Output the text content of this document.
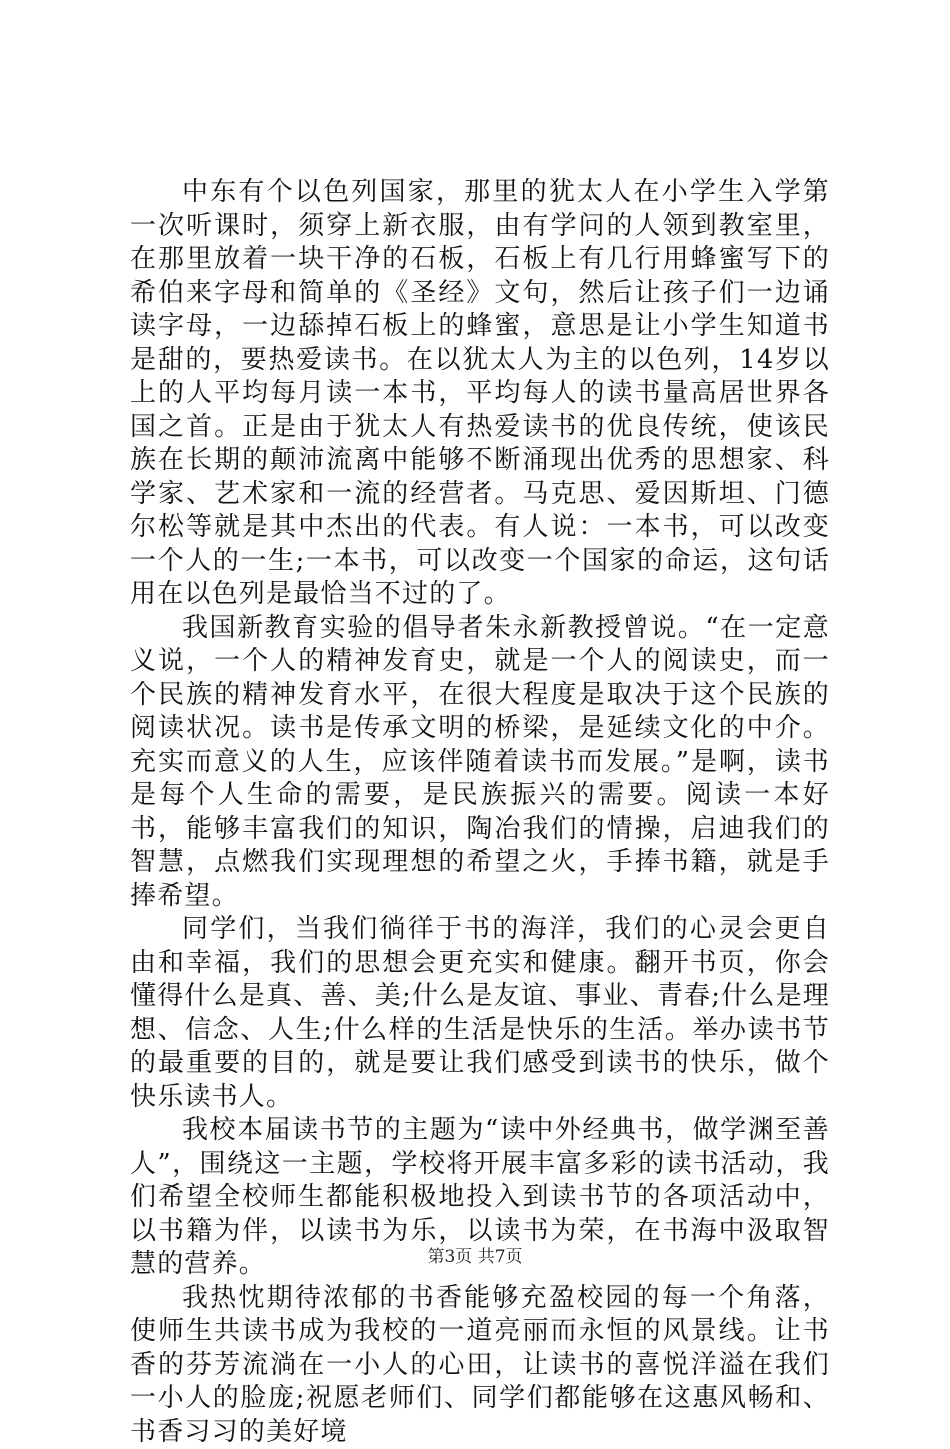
中东有个以色列国家，那里的犹太人在小学生入学第一次听课时，须穿上新衣服，由有学问的人领到教室里，在那里放着一块干净的石板，石板上有几行用蜂蜜写下的希伯来字母和简单的《圣经》文句，然后让孩子们一边诵读字母，一边舔掉石板上的蜂蜜，意思是让小学生知道书是甜的，要热爱读书。在以犹太人为主的以色列，14岁以上的人平均每月读一本书，平均每人的读书量高居世界各国之首。正是由于犹太人有热爱读书的优良传统，使该民族在长期的颠沛流离中能够不断涌现出优秀的思想家、科学家、艺术家和一流的经营者。马克思、爱因斯坦、门德尔松等就是其中杰出的代表。有人说：一本书，可以改变一个人的一生;一本书，可以改变一个国家的命运，这句话用在以色列是最恰当不过的了。

我国新教育实验的倡导者朱永新教授曾说。“在一定意义说，一个人的精神发育史，就是一个人的阅读史，而一个民族的精神发育水平，在很大程度是取决于这个民族的阅读状况。读书是传承文明的桥梁，是延续文化的中介。充实而意义的人生，应该伴随着读书而发展。”是啊，读书是每个人生命的需要，是民族振兴的需要。阅读一本好书，能够丰富我们的知识，陶冶我们的情操，启迪我们的智慧，点燃我们实现理想的希望之火，手捧书籍，就是手捧希望。

同学们，当我们徜徉于书的海洋，我们的心灵会更自由和幸福，我们的思想会更充实和健康。翻开书页，你会懂得什么是真、善、美;什么是友谊、事业、青春;什么是理想、信念、人生;什么样的生活是快乐的生活。举办读书节的最重要的目的，就是要让我们感受到读书的快乐，做个快乐读书人。

我校本届读书节的主题为“读中外经典书，做学渊至善人”，围绕这一主题，学校将开展丰富多彩的读书活动，我们希望全校师生都能积极地投入到读书节的各项活动中，以书籍为伴，以读书为乐，以读书为荣，在书海中汲取智慧的营养。

我热忱期待浓郁的书香能够充盈校园的每一个角落，使师生共读书成为我校的一道亮丽而永恒的风景线。让书香的芬芳流淌在一小人的心田，让读书的喜悦洋溢在我们一小人的脸庞;祝愿老师们、同学们都能够在这惠风畅和、书香习习的美好境

第3页 共7页
